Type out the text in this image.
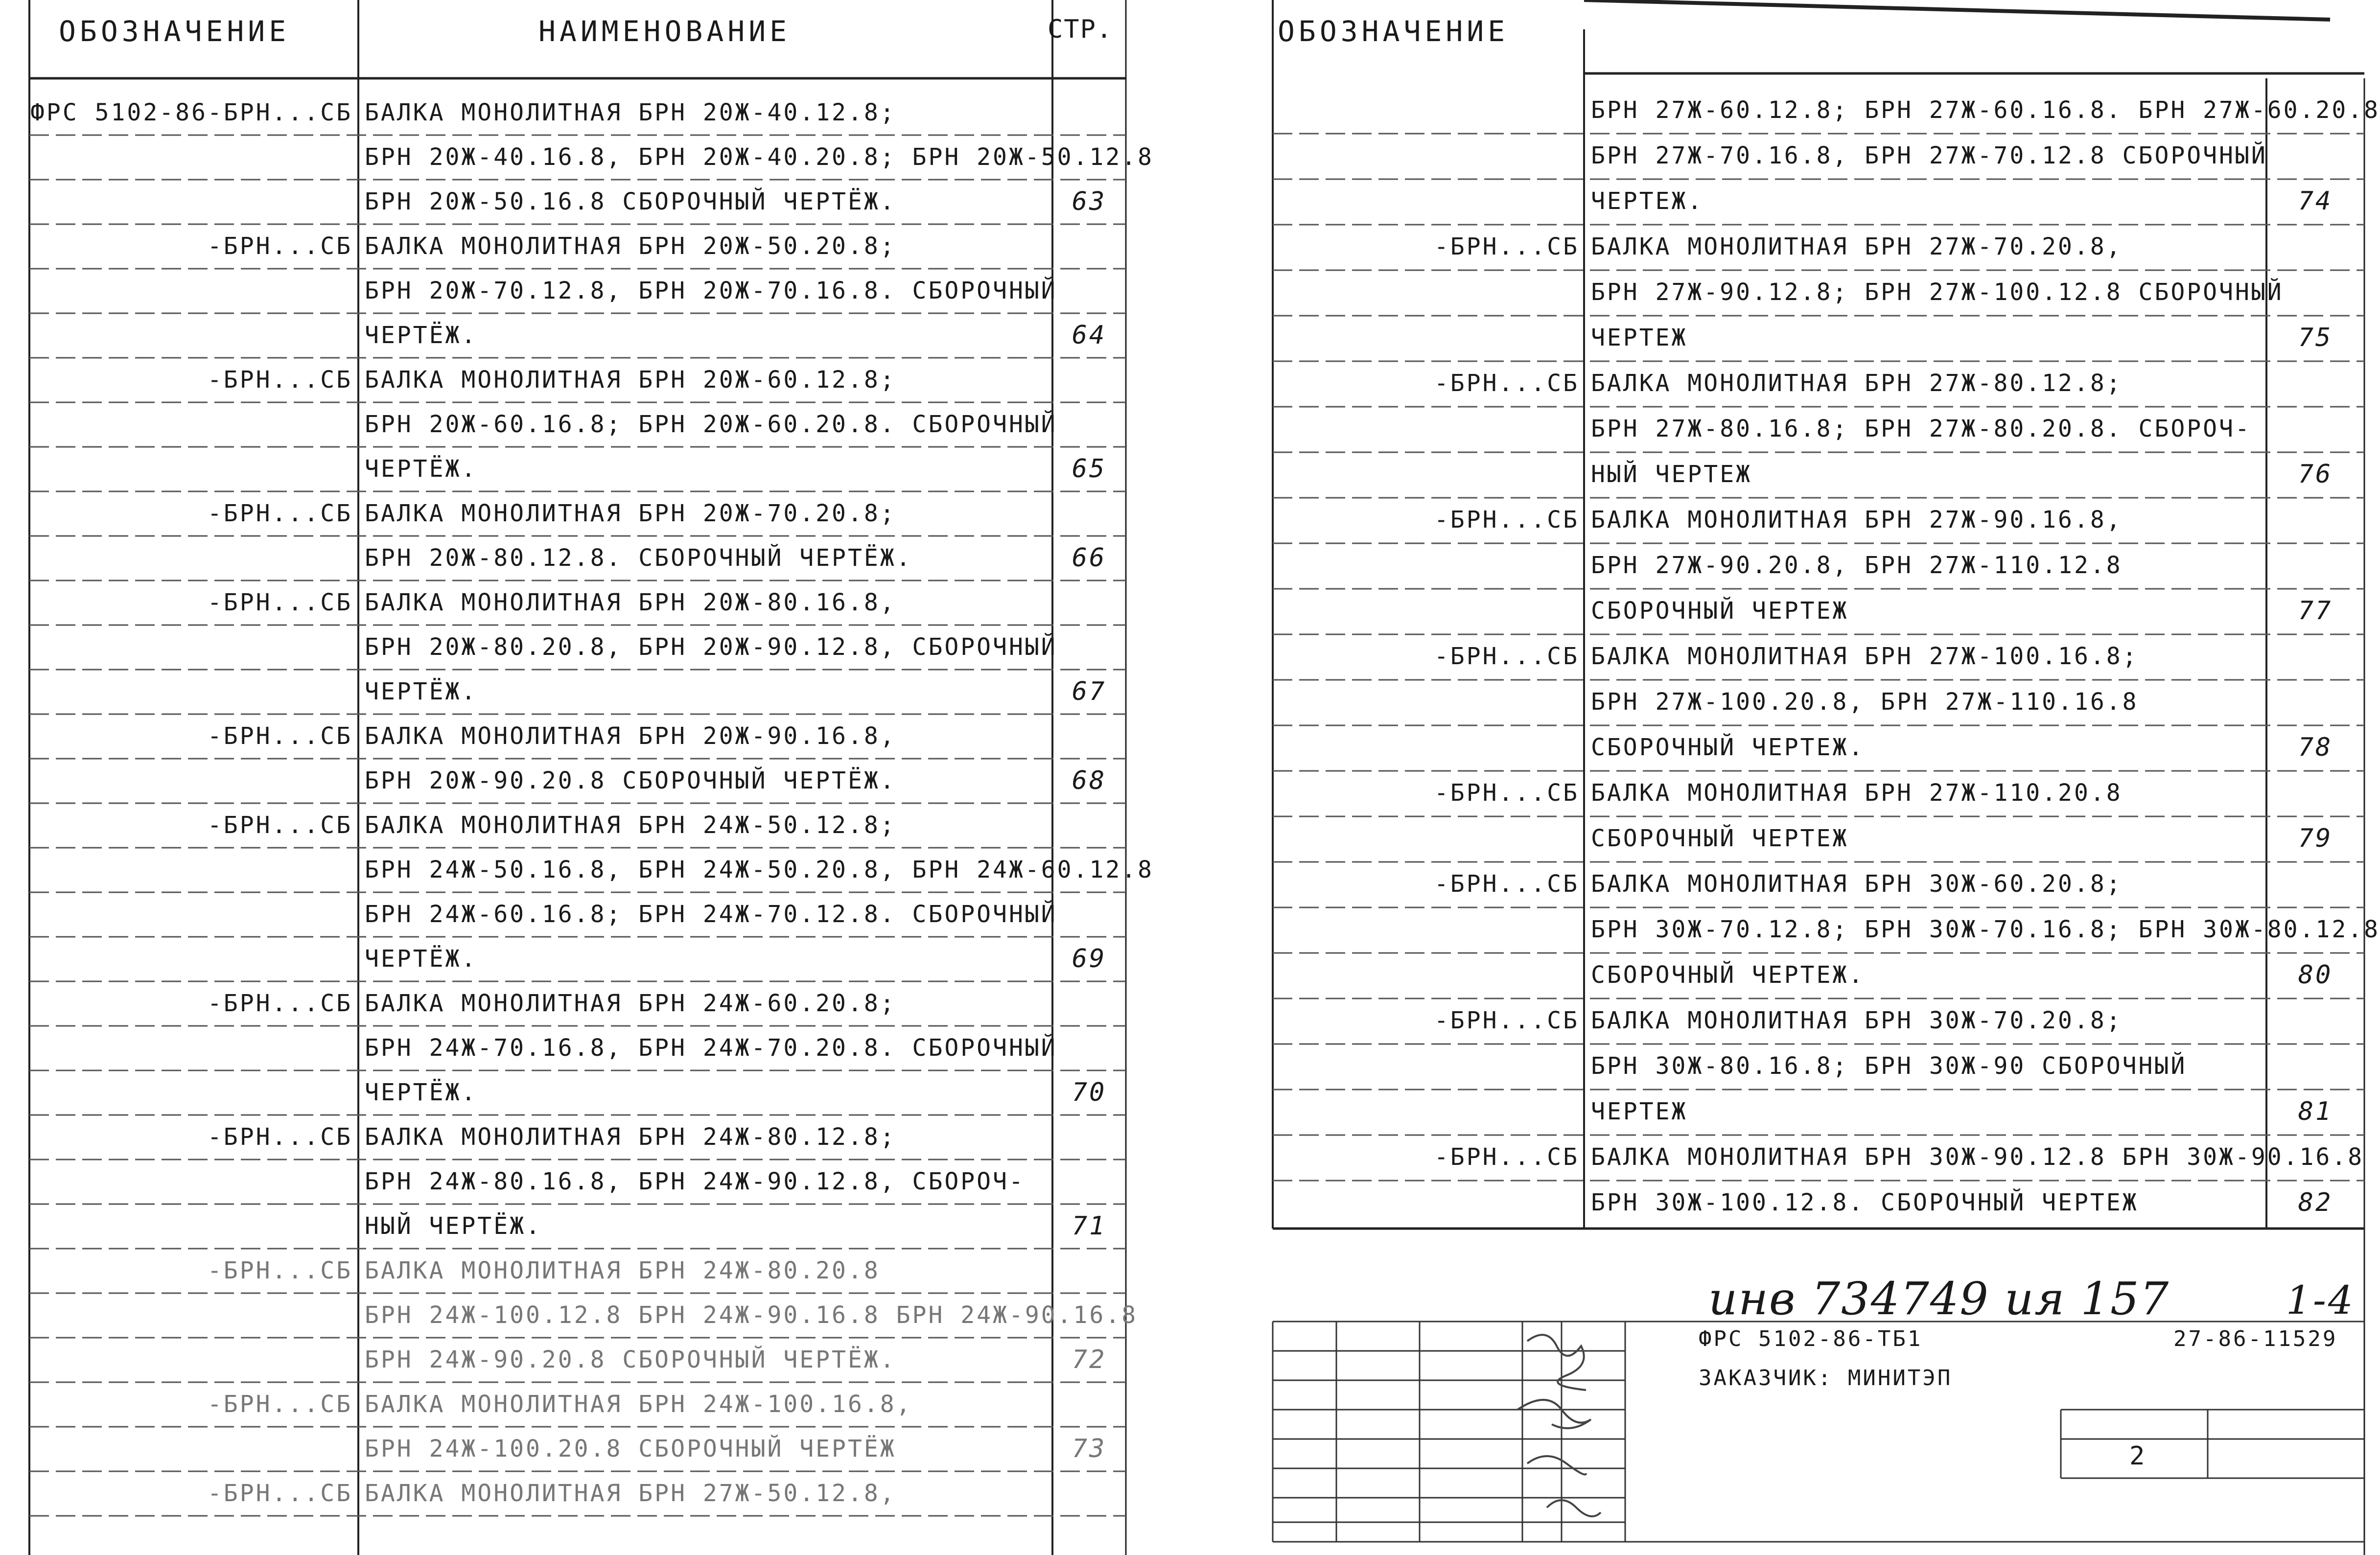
ОБОЗНАЧЕНИЕ	НАИМЕНОВАНИЕ	СТР.
ФРС 5102-86-БРН...СБ БАЛКА МОНОЛИТНАЯ БРН 20Ж-40.12.8;
БРН 20Ж-40.16.8, БРН 20Ж-40.20.8; БРН 20Ж-50.12.8
БРН 20Ж-50.16.8 СБОРОЧНЫЙ ЧЕРТЁЖ.	63
-БРН...СБ БАЛКА МОНОЛИТНАЯ БРН 20Ж-50.20.8;
БРН 20Ж-70.12.8, БРН 20Ж-70.16.8. СБОРОЧНЫЙ
ЧЕРТЁЖ.	64
-БРН...СБ БАЛКА МОНОЛИТНАЯ БРН 20Ж-60.12.8;
БРН 20Ж-60.16.8; БРН 20Ж-60.20.8. СБОРОЧНЫЙ
ЧЕРТЁЖ.	65
-БРН...СБ БАЛКА МОНОЛИТНАЯ БРН 20Ж-70.20.8;
БРН 20Ж-80.12.8. СБОРОЧНЫЙ ЧЕРТЁЖ.	66
-БРН...СБ БАЛКА МОНОЛИТНАЯ БРН 20Ж-80.16.8,
БРН 20Ж-80.20.8, БРН 20Ж-90.12.8, СБОРОЧНЫЙ
ЧЕРТЁЖ.	67
-БРН...СБ БАЛКА МОНОЛИТНАЯ БРН 20Ж-90.16.8,
БРН 20Ж-90.20.8 СБОРОЧНЫЙ ЧЕРТЁЖ.	68
-БРН...СБ БАЛКА МОНОЛИТНАЯ БРН 24Ж-50.12.8;
БРН 24Ж-50.16.8, БРН 24Ж-50.20.8, БРН 24Ж-60.12.8
БРН 24Ж-60.16.8; БРН 24Ж-70.12.8. СБОРОЧНЫЙ
ЧЕРТЁЖ.	69
-БРН...СБ БАЛКА МОНОЛИТНАЯ БРН 24Ж-60.20.8;
БРН 24Ж-70.16.8, БРН 24Ж-70.20.8. СБОРОЧНЫЙ
ЧЕРТЁЖ.	70
-БРН...СБ БАЛКА МОНОЛИТНАЯ БРН 24Ж-80.12.8;
БРН 24Ж-80.16.8, БРН 24Ж-90.12.8, СБОРОЧ-
НЫЙ ЧЕРТЁЖ.	71
-БРН...СБ БАЛКА МОНОЛИТНАЯ БРН 24Ж-80.20.8
БРН 24Ж-100.12.8 БРН 24Ж-90.16.8 БРН 24Ж-90.16.8
БРН 24Ж-90.20.8 СБОРОЧНЫЙ ЧЕРТЁЖ.	72
-БРН...СБ БАЛКА МОНОЛИТНАЯ БРН 24Ж-100.16.8,
БРН 24Ж-100.20.8 СБОРОЧНЫЙ ЧЕРТЁЖ	73
-БРН...СБ БАЛКА МОНОЛИТНАЯ БРН 27Ж-50.12.8,
ОБОЗНАЧЕНИЕ
БРН 27Ж-60.12.8; БРН 27Ж-60.16.8. БРН 27Ж-60.20.8
БРН 27Ж-70.16.8, БРН 27Ж-70.12.8 СБОРОЧНЫЙ
ЧЕРТЕЖ.	74
-БРН...СБ БАЛКА МОНОЛИТНАЯ БРН 27Ж-70.20.8,
БРН 27Ж-90.12.8; БРН 27Ж-100.12.8 СБОРОЧНЫЙ
ЧЕРТЕЖ	75
-БРН...СБ БАЛКА МОНОЛИТНАЯ БРН 27Ж-80.12.8;
БРН 27Ж-80.16.8; БРН 27Ж-80.20.8. СБОРОЧ-
НЫЙ ЧЕРТЕЖ	76
-БРН...СБ БАЛКА МОНОЛИТНАЯ БРН 27Ж-90.16.8,
БРН 27Ж-90.20.8, БРН 27Ж-110.12.8
СБОРОЧНЫЙ ЧЕРТЕЖ	77
-БРН...СБ БАЛКА МОНОЛИТНАЯ БРН 27Ж-100.16.8;
БРН 27Ж-100.20.8, БРН 27Ж-110.16.8
СБОРОЧНЫЙ ЧЕРТЕЖ.	78
-БРН...СБ БАЛКА МОНОЛИТНАЯ БРН 27Ж-110.20.8
СБОРОЧНЫЙ ЧЕРТЕЖ	79
-БРН...СБ БАЛКА МОНОЛИТНАЯ БРН 30Ж-60.20.8;
БРН 30Ж-70.12.8; БРН 30Ж-70.16.8; БРН 30Ж-80.12.8
СБОРОЧНЫЙ ЧЕРТЕЖ.	80
-БРН...СБ БАЛКА МОНОЛИТНАЯ БРН 30Ж-70.20.8;
БРН 30Ж-80.16.8; БРН 30Ж-90 СБОРОЧНЫЙ
ЧЕРТЕЖ	81
-БРН...СБ БАЛКА МОНОЛИТНАЯ БРН 30Ж-90.12.8 БРН 30Ж-90.16.8
БРН 30Ж-100.12.8. СБОРОЧНЫЙ ЧЕРТЕЖ	82
инв 734749 ия 157	1-4
ФРС 5102-86-ТБ1	27-86-11529
ЗАКАЗЧИК: МИНИТЭП
2
